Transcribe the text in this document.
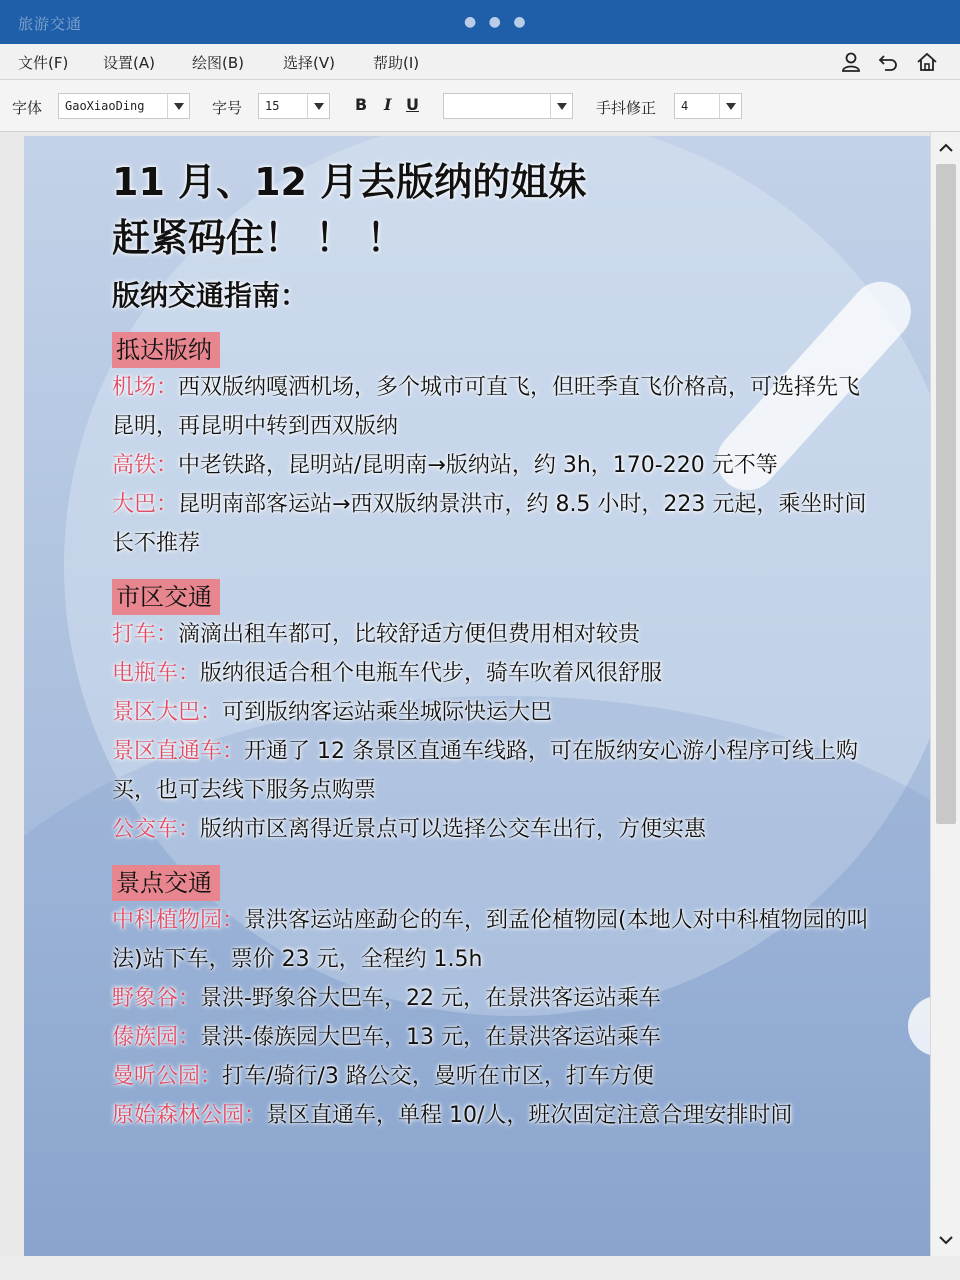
旅游交通	● ● ●
文件(F) 设置(A) 绘图(B)	选择(V)	帮助(I)
字体 GaoXiaoDing	字号 15	B I U	手抖修正 4
11 月、12 月去版纳的姐妹
赶紧码住！ ！ ！
版纳交通指南：
抵达版纳
机场：西双版纳嘎洒机场，多个城市可直飞，但旺季直飞价格高，可选择先飞昆明，再昆明中转到西双版纳
高铁：中老铁路，昆明站/昆明南→版纳站，约 3h，170-220 元不等
大巴：昆明南部客运站→西双版纳景洪市，约 8.5 小时，223 元起，乘坐时间长不推荐
市区交通
打车：滴滴出租车都可，比较舒适方便但费用相对较贵
电瓶车：版纳很适合租个电瓶车代步，骑车吹着风很舒服
景区大巴：可到版纳客运站乘坐城际快运大巴
景区直通车：开通了 12 条景区直通车线路，可在版纳安心游小程序可线上购买，也可去线下服务点购票
公交车：版纳市区离得近景点可以选择公交车出行，方便实惠
景点交通
中科植物园：景洪客运站座勐仑的车，到孟伦植物园(本地人对中科植物园的叫法)站下车，票价 23 元，全程约 1.5h
野象谷：景洪-野象谷大巴车，22 元，在景洪客运站乘车
傣族园：景洪-傣族园大巴车，13 元，在景洪客运站乘车
曼听公园：打车/骑行/3 路公交，曼听在市区，打车方便
原始森林公园：景区直通车，单程 10/人，班次固定注意合理安排时间
